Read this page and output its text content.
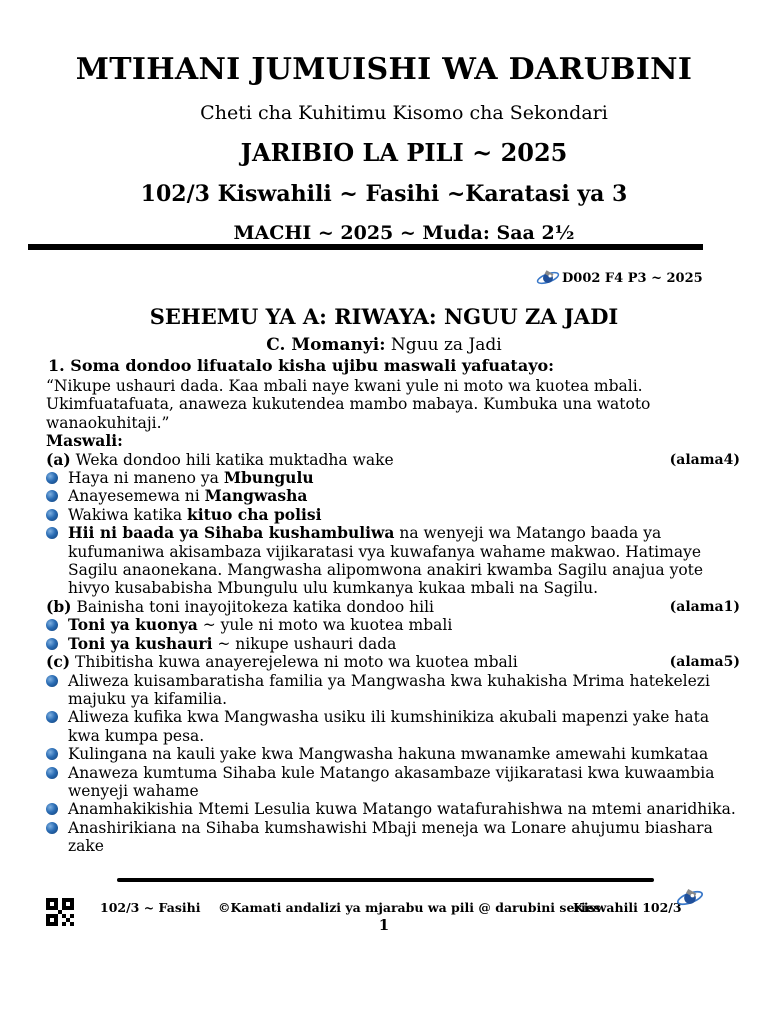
MTIHANI JUMUISHI WA DARUBINI
Cheti cha Kuhitimu Kisomo cha Sekondari
JARIBIO LA PILI ~ 2025
102/3 Kiswahili ~ Fasihi ~Karatasi ya 3
MACHI ~ 2025 ~ Muda: Saa 2½
D002 F4 P3 ~ 2025
SEHEMU YA A: RIWAYA: NGUU ZA JADI
C. Momanyi: Nguu za Jadi
1. Soma dondoo lifuatalo kisha ujibu maswali yafuatayo:

“Nikupe ushauri dada. Kaa mbali naye kwani yule ni moto wa kuotea mbali. Ukimfuatafuata, anaweza kukutendea mambo mabaya. Kumbuka una watoto wanaokuhitaji.”

Maswali:

(a) Weka dondoo hili katika muktadha wake	(alama4)
Haya ni maneno ya Mbungulu
Anayesemewa ni Mangwasha
Wakiwa katika kituo cha polisi
Hii ni baada ya Sihaba kushambuliwa na wenyeji wa Matango baada ya kufumaniwa akisambaza vijikaratasi vya kuwafanya wahame makwao. Hatimaye Sagilu anaonekana. Mangwasha alipomwona anakiri kwamba Sagilu anajua yote hivyo kusababisha Mbungulu ulu kumkanya kukaa mbali na Sagilu.
(b) Bainisha toni inayojitokeza katika dondoo hili	(alama1)
Toni ya kuonya ~ yule ni moto wa kuotea mbali
Toni ya kushauri ~ nikupe ushauri dada
(c) Thibitisha kuwa anayerejelewa ni moto wa kuotea mbali	(alama5)
Aliweza kuisambaratisha familia ya Mangwasha kwa kuhakisha Mrima hatekelezi majuku ya kifamilia.
Aliweza kufika kwa Mangwasha usiku ili kumshinikiza akubali mapenzi yake hata kwa kumpa pesa.
Kulingana na kauli yake kwa Mangwasha hakuna mwanamke amewahi kumkataa
Anaweza kumtuma Sihaba kule Matango akasambaze vijikaratasi kwa kuwaambia wenyeji wahame
Anamhakikishia Mtemi Lesulia kuwa Matango watafurahishwa na mtemi anaridhika.
Anashirikiana na Sihaba kumshawishi Mbaji meneja wa Lonare ahujumu biashara zake
102/3 ~ Fasihi ©Kamati andalizi ya mjarabu wa pili @ darubini series
Kiswahili 102/3
1
